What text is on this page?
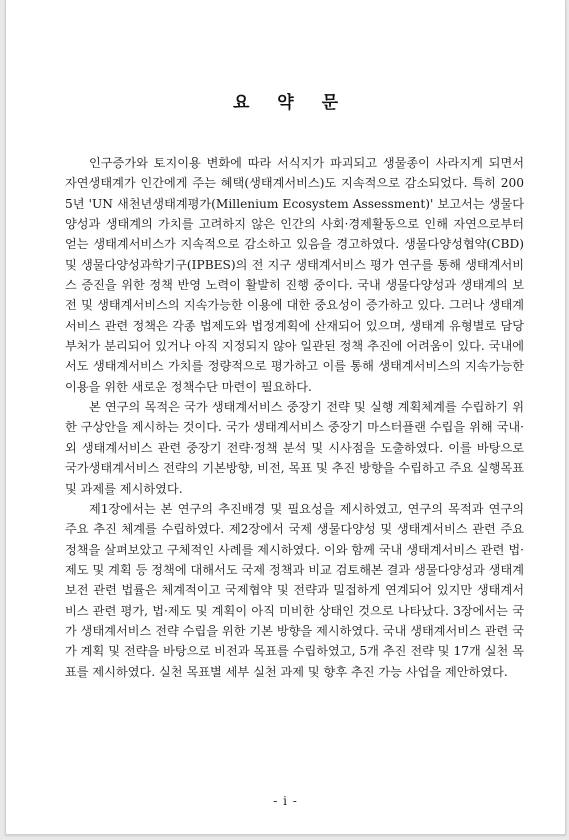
요 약 문

인구증가와 토지이용 변화에 따라 서식지가 파괴되고 생물종이 사라지게 되면서 자연생태계가 인간에게 주는 혜택(생태계서비스)도 지속적으로 감소되었다. 특히 2005년 'UN 새천년생태계평가(Millenium Ecosystem Assessment)' 보고서는 생물다양성과 생태계의 가치를 고려하지 않은 인간의 사회·경제활동으로 인해 자연으로부터 얻는 생태계서비스가 지속적으로 감소하고 있음을 경고하였다. 생물다양성협약(CBD) 및 생물다양성과학기구(IPBES)의 전 지구 생태계서비스 평가 연구를 통해 생태계서비스 증진을 위한 정책 반영 노력이 활발히 진행 중이다. 국내 생물다양성과 생태계의 보전 및 생태계서비스의 지속가능한 이용에 대한 중요성이 증가하고 있다. 그러나 생태계서비스 관련 정책은 각종 법제도와 법정계획에 산재되어 있으며, 생태계 유형별로 담당 부처가 분리되어 있거나 아직 지정되지 않아 일관된 정책 추진에 어려움이 있다. 국내에서도 생태계서비스 가치를 정량적으로 평가하고 이를 통해 생태계서비스의 지속가능한 이용을 위한 새로운 정책수단 마련이 필요하다.

본 연구의 목적은 국가 생태계서비스 중장기 전략 및 실행 계획체계를 수립하기 위한 구상안을 제시하는 것이다. 국가 생태계서비스 중장기 마스터플랜 수립을 위해 국내·외 생태계서비스 관련 중장기 전략·정책 분석 및 시사점을 도출하였다. 이를 바탕으로 국가생태계서비스 전략의 기본방향, 비전, 목표 및 추진 방향을 수립하고 주요 실행목표 및 과제를 제시하였다.

제1장에서는 본 연구의 추진배경 및 필요성을 제시하였고, 연구의 목적과 연구의 주요 추진 체계를 수립하였다. 제2장에서 국제 생물다양성 및 생태계서비스 관련 주요 정책을 살펴보았고 구체적인 사례를 제시하였다. 이와 함께 국내 생태계서비스 관련 법·제도 및 계획 등 정책에 대해서도 국제 정책과 비교 검토해본 결과 생물다양성과 생태계 보전 관련 법률은 체계적이고 국제협약 및 전략과 밀접하게 연계되어 있지만 생태계서비스 관련 평가, 법·제도 및 계획이 아직 미비한 상태인 것으로 나타났다. 3장에서는 국가 생태계서비스 전략 수립을 위한 기본 방향을 제시하였다. 국내 생태계서비스 관련 국가 계획 및 전략을 바탕으로 비전과 목표를 수립하였고, 5개 추진 전략 및 17개 실천 목표를 제시하였다. 실천 목표별 세부 실천 과제 및 향후 추진 가능 사업을 제안하였다.

- i -
